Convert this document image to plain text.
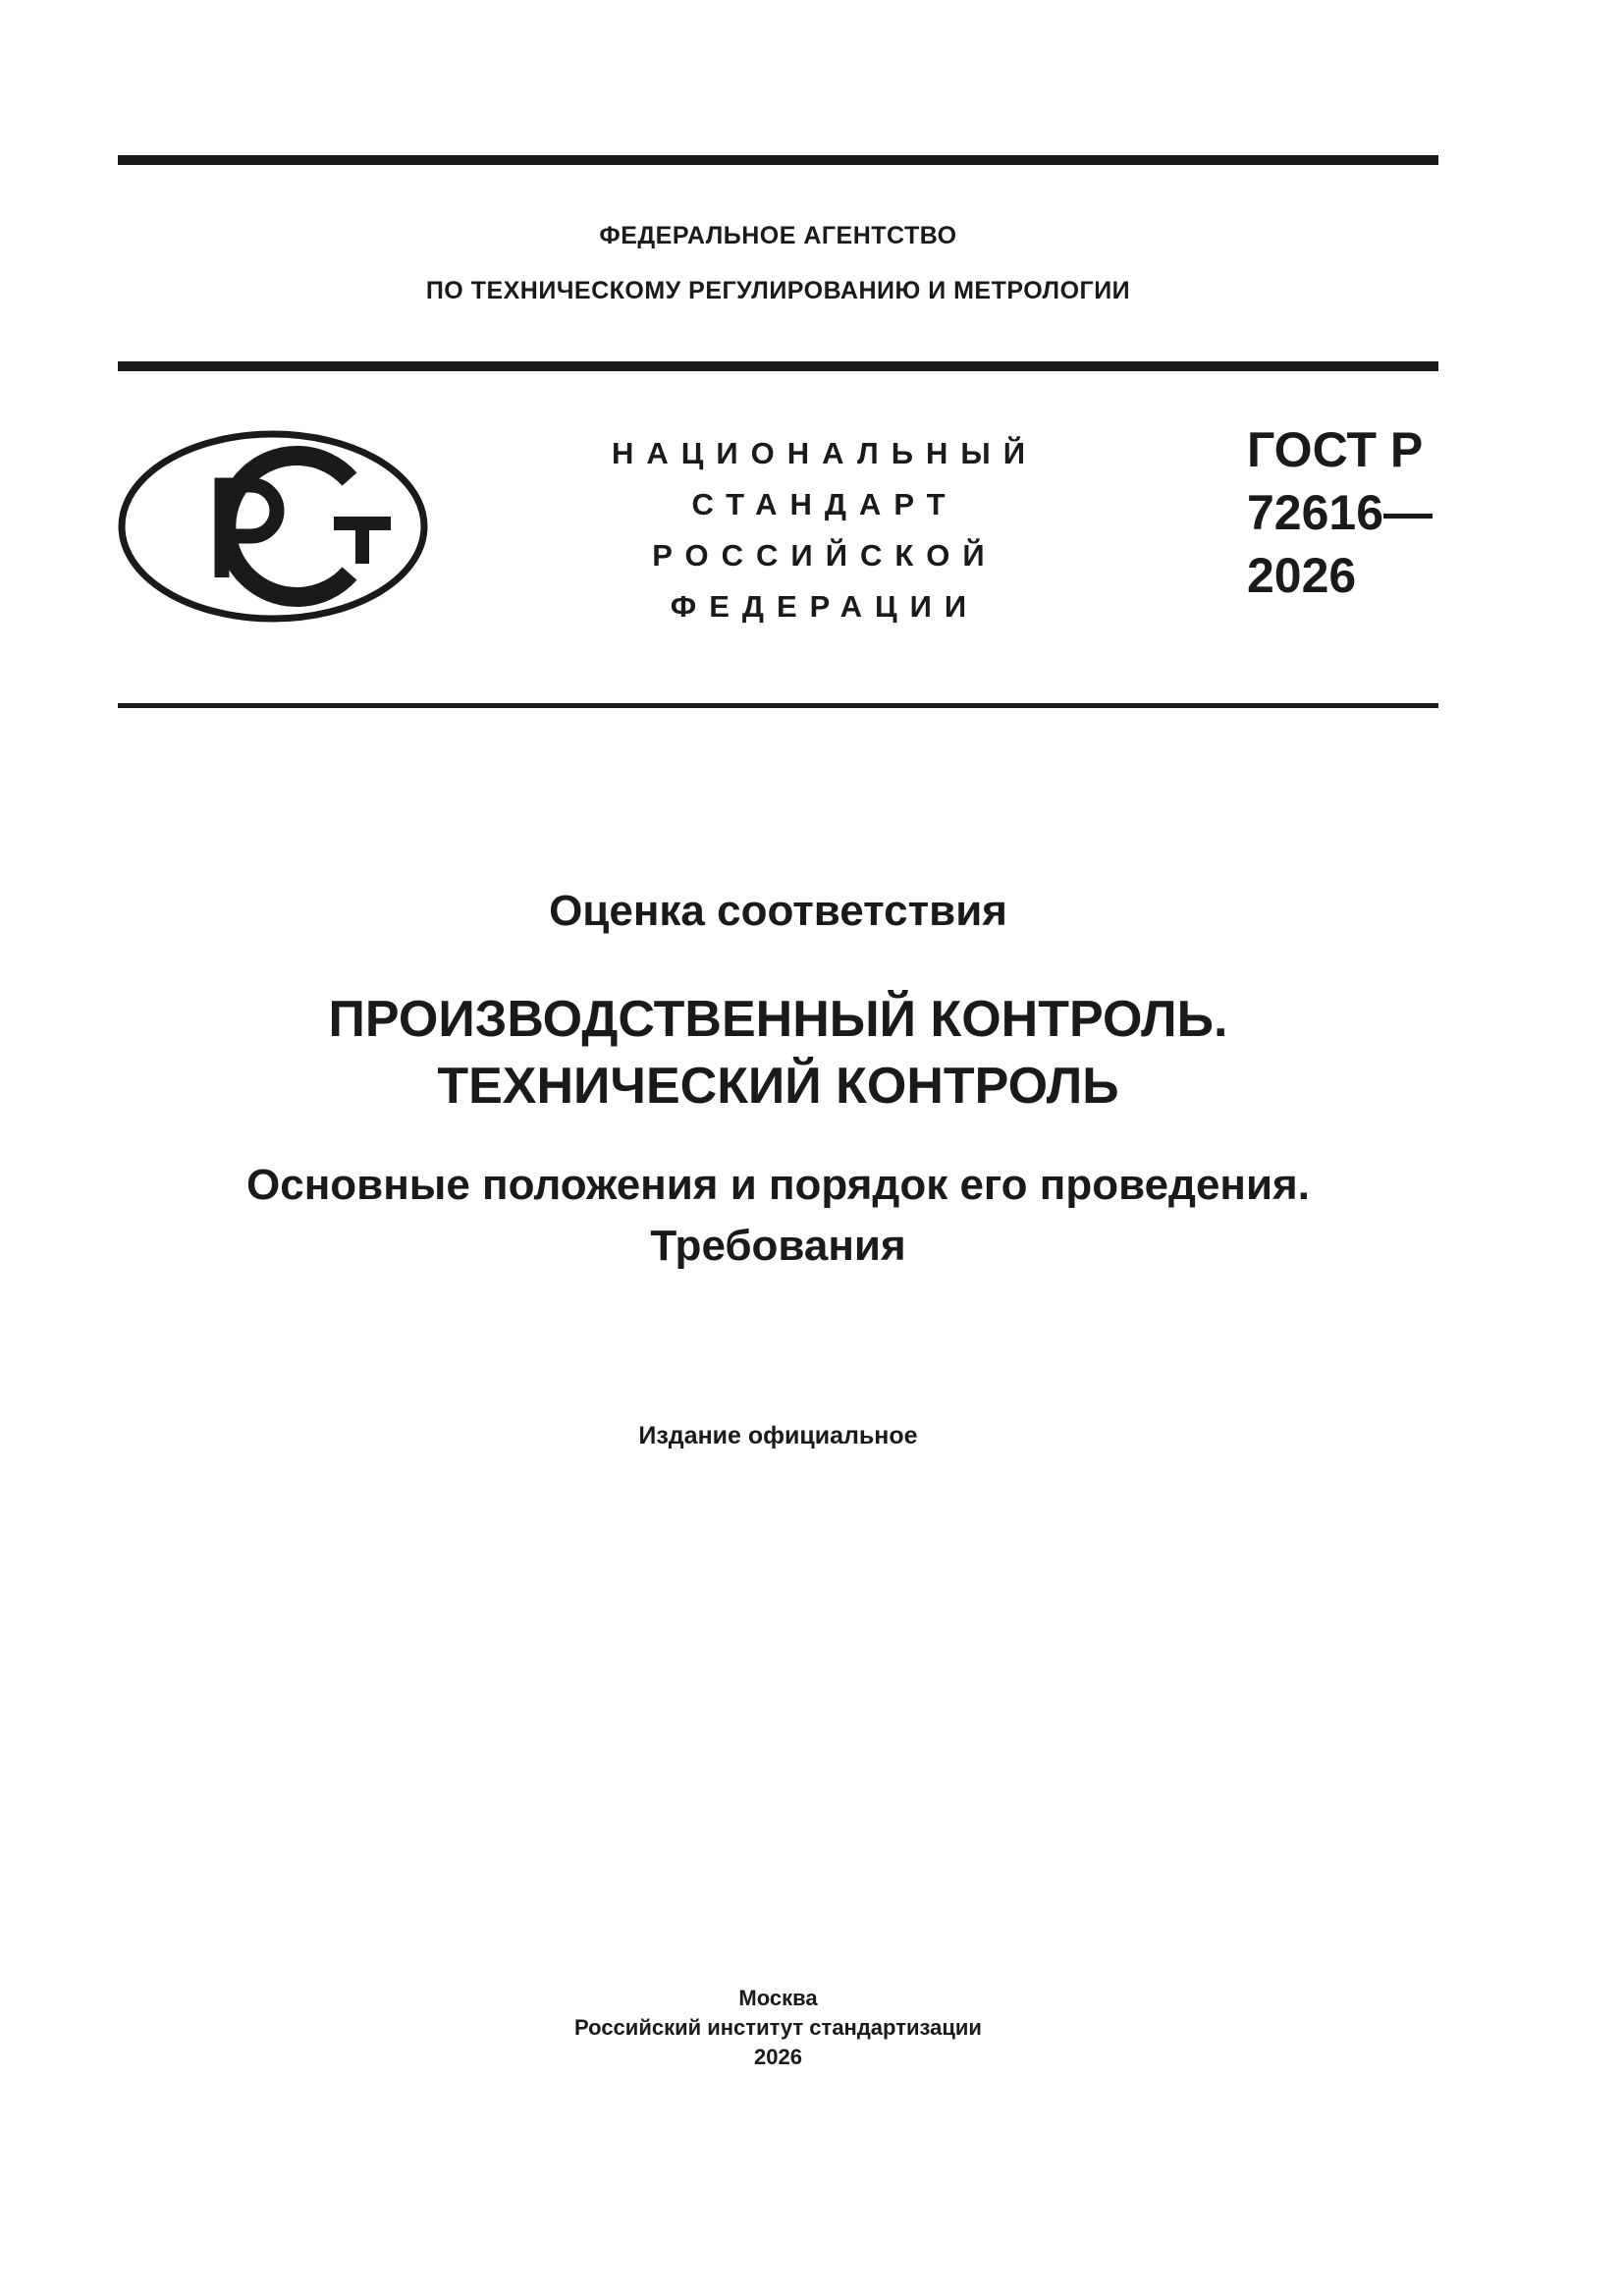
ФЕДЕРАЛЬНОЕ АГЕНТСТВО
ПО ТЕХНИЧЕСКОМУ РЕГУЛИРОВАНИЮ И МЕТРОЛОГИИ
НАЦИОНАЛЬНЫЙ
СТАНДАРТ
РОССИЙСКОЙ
ФЕДЕРАЦИИ
ГОСТ Р
72616—
2026
Оценка соответствия
ПРОИЗВОДСТВЕННЫЙ КОНТРОЛЬ.
ТЕХНИЧЕСКИЙ КОНТРОЛЬ
Основные положения и порядок его проведения.
Требования
Издание официальное
Москва
Российский институт стандартизации
2026
